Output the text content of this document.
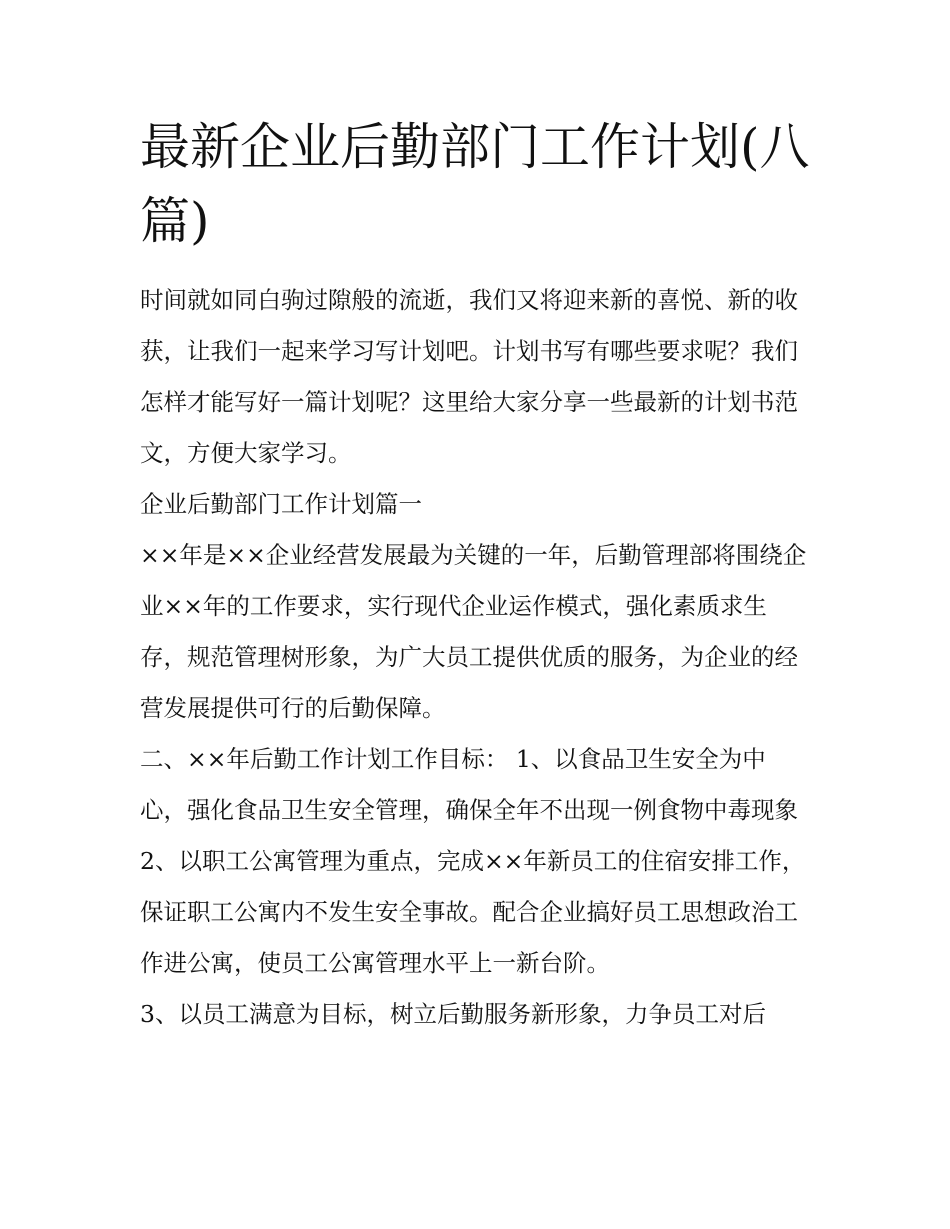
最新企业后勤部门工作计划(八篇)

时间就如同白驹过隙般的流逝，我们又将迎来新的喜悦、新的收获，让我们一起来学习写计划吧。计划书写有哪些要求呢？我们怎样才能写好一篇计划呢？这里给大家分享一些最新的计划书范文，方便大家学习。

企业后勤部门工作计划篇一

××年是××企业经营发展最为关键的一年，后勤管理部将围绕企业××年的工作要求，实行现代企业运作模式，强化素质求生存，规范管理树形象，为广大员工提供优质的服务，为企业的经营发展提供可行的后勤保障。

二、××年后勤工作计划工作目标： 1、以食品卫生安全为中心，强化食品卫生安全管理，确保全年不出现一例食物中毒现象

2、以职工公寓管理为重点，完成××年新员工的住宿安排工作，保证职工公寓内不发生安全事故。配合企业搞好员工思想政治工作进公寓，使员工公寓管理水平上一新台阶。

3、以员工满意为目标，树立后勤服务新形象，力争员工对后
